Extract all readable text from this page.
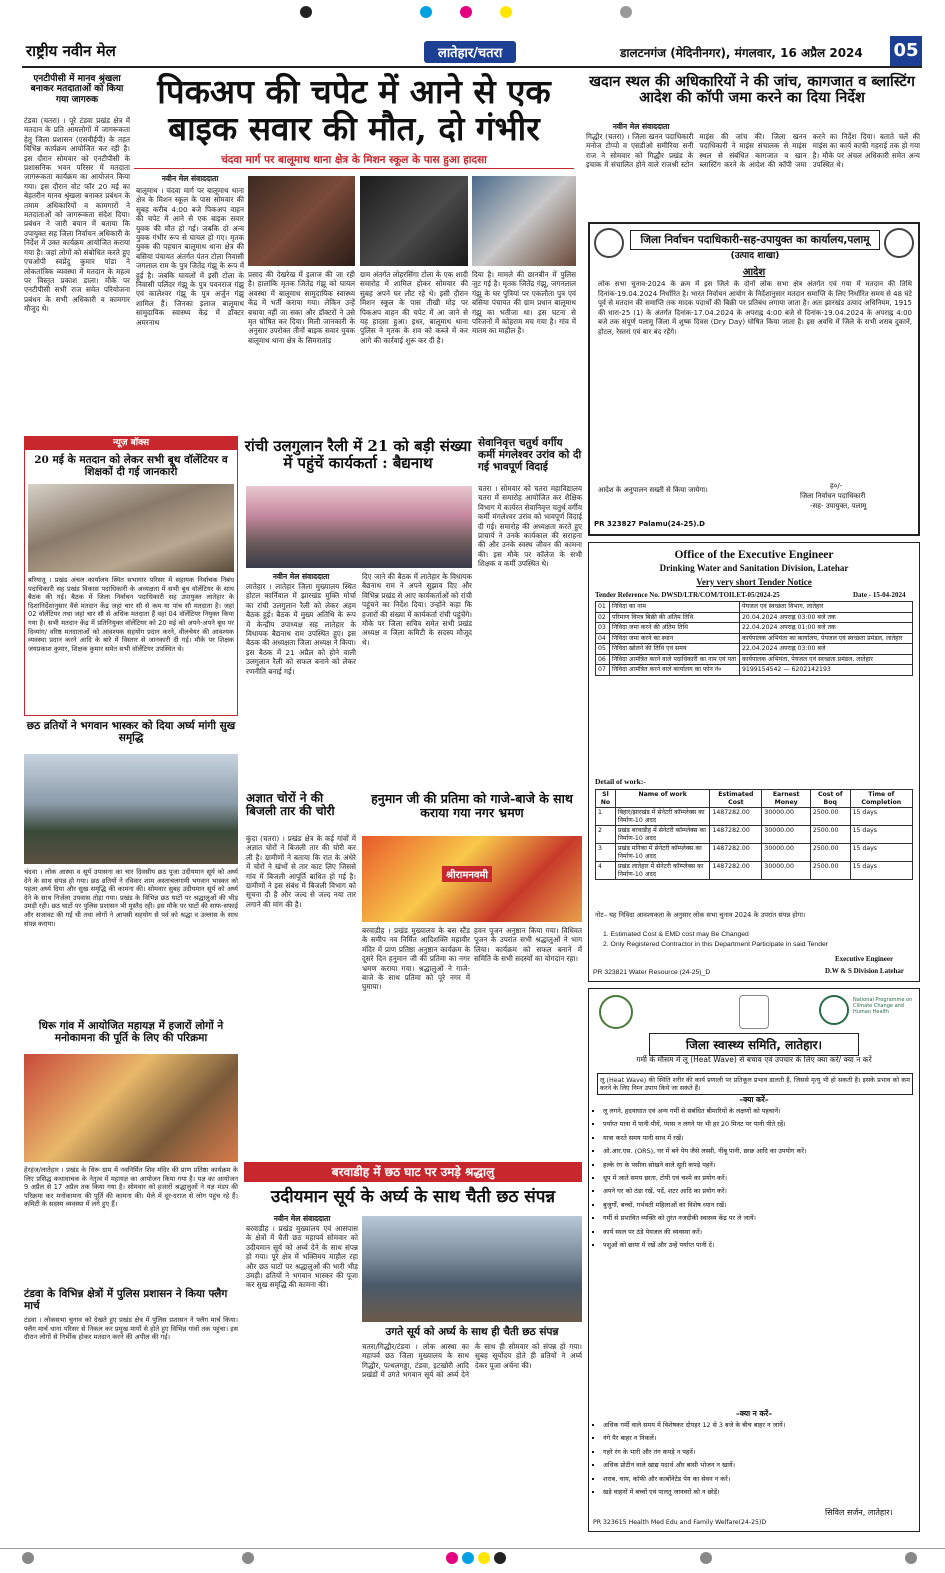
राष्ट्रीय नवीन मेल	लातेहार/चतरा	डालटनगंज (मेदिनीनगर), मंगलवार, 16 अप्रैल 2024 05
एनटीपीसी में मानव श्रृंखला बनाकर मतदाताओं को किया गया जागरुक
टंडवा (चतरा) । पूरे टंडवा प्रखंड क्षेत्र में मतदान के प्रति आमलोगों में जागरूकता हेतु जिला प्रशासन (एसवीईपी) के तहत विभिन्न कार्यक्रम आयोजित कर रही है। इस दौरान सोमवार को एनटीपीसी के प्रशासनिक भवन परिसर में मतदाता जागरूकता कार्यक्रम का आयोजन किया गया। इस दौरान वोट फॉर 20 मई का बेहतरीन मानव श्रृंखला बनाकर प्रबंधन के तमाम अधिकारियों व कामगारों ने मतदाताओं को जागरूकता संदेश दिया। प्रबंधन ने जारी बयान में बताया कि उपायुक्त सह जिला निर्वाचन अधिकारी के निर्देश में उक्त कार्यक्रम आयोजित कराया गया है। जहां लोगों को संबोधित करते हुए एचओपी स्वप्नेंदु कुमार पांडा ने लोकतांत्रिक व्यवस्था में मतदान के महत्व पर विस्तृत प्रकाश डाला। मौके पर एनटीपीसी सभी राज समेत परियोजना प्रबंधन के सभी अधिकारी व कामगार मौजूद थे।
पिकअप की चपेट में आने से एक बाइक सवार की मौत, दो गंभीर
चंदवा मार्ग पर बालूमाथ थाना क्षेत्र के मिशन स्कूल के पास हुआ हादसा
नवीन मेल संवाददाता
बालूमाथ । चंदवा मार्ग पर बालूमाथ थाना क्षेत्र के मिशन स्कूल के पास सोमवार की सुबह करीब 4:00 बजे पिकअप वाहन की चपेट में आने से एक बाइक सवार युवक की मौत हो गई। जबकि दो अन्य युवक गंभीर रूप से घायल हो गए। मृतक युवक की पहचान बालूमाथ थाना क्षेत्र की बसिया पंचायत अंतर्गत पंतन टोला निवासी जगलाल राम के पुत्र जितेंद्र गंझू के रूप में हुई है। जबकि घायलों में इसी टोला के निवासी पलिंदर गंझू के पुत्र पवनराज गंझू एवं कालेश्वर गंझू के पुत्र अर्जुन गंझू शामिल हैं। जिनका इलाज बालूमाथ सामुदायिक स्वास्थ्य केंद्र में डॉक्टर अमरनाथ
प्रसाद की देखरेख में इलाज की जा रही है। हालांकि मृतक जितेंद्र गंझू को घायल अवस्था में बालूमाथ सामुदायिक स्वास्थ्य केंद्र में भर्ती कराया गया। लेकिन उन्हें बचाया नहीं जा सका और डॉक्टरों ने उसे मृत घोषित कर दिया। मिली जानकारी के अनुसार उपरोक्त तीनों बाइक सवार युवक बालूमाथ थाना क्षेत्र के सिमरातांड़
ग्राम अंतर्गत लोहरसिंगा टोला के एक शादी समारोह में शामिल होकर सोमवार की सुबह अपने घर लौट रहे थे। इसी दौरान मिशन स्कूल के पास तीखी मोड़ पर पिकअप वाहन की चपेट में आ जाने से यह हादसा हुआ। इधर, बालूमाथ थाना पुलिस ने मृतक के शव को कब्जे में कर आगे की कार्रवाई शुरू कर दी है।
दिया है। मामले की छानबीन में पुलिस जुट गई है। मृतक जितेंद्र गंझू, जगनलाल गंझू के घर पुत्रियां पर एकलौता पुत्र एवं बसिया पंचायत की ग्राम प्रधान बालूमाथ गंझू का भतीजा था। इस घटना से परिजनों में कोहराम मच गया है। गांव में मातम का माहौल है।
खदान स्थल की अधिकारियों ने की जांच, कागजात व ब्लास्टिंग आदेश की कॉपी जमा करने का दिया निर्देश
नवीन मेल संवाददाता
गिद्धौर (चतरा) । जिला खनन पदाधिकारी मनोज टोप्पो व एसडीओ समीरिया सनी राज ने सोमवार को गिद्धौर प्रखंड के इचाक में संचालित होने वाले राजश्री स्टोन माइंस की जांच की। जिला खनन पदाधिकारी ने माइंस संचालक से माइंस स्थल से संबंधित कागजात व खान ब्लास्टिंग करने के आदेश की कॉपी जमा करने का निर्देश दिया। बताते चलें की माइंस का कार्य काफी गहराई तक हो गया है। मौके पर अंचल अधिकारी समेत अन्य उपस्थित थे।
जिला निर्वाचन पदाधिकारी-सह-उपायुक्त का कार्यालय,पलामू
(उत्पाद शाखा)
आदेश
लोक सभा चुनाव-2024 के क्रम में इस जिले के दोनों लोक सभा क्षेत्र अंतर्गत एवं गया में मतदान की तिथि दिनांक-19.04.2024 निर्धारित है। भारत निर्वाचन आयोग के निर्देशानुसार मतदान समाप्ति के लिए निर्धारित समय से 48 घंटे पूर्व से मतदान की समाप्ति तक मादक पदार्थों की बिक्री पर प्रतिबंध लगाया जाता है। अतः झारखंड उत्पाद अधिनियम, 1915 की धारा-25 (1) के अंतर्गत दिनांक-17.04.2024 के अपराह्न 4:00 बजे से दिनांक-19.04.2024 के अपराह्न 4:00 बजे तक संपूर्ण पलामू जिला में शुष्क दिवस (Dry Day) घोषित किया जाता है। इस अवधि में जिले के सभी शराब दुकानें, होटल, रेस्तरां एवं बार बंद रहेंगे।
आदेश के अनुपालन सख्ती से किया जायेगा।	ह०/-
जिला निर्वाचन पदाधिकारी
-सह- उपायुक्त, पलामू
PR 323827 Palamu(24-25).D
न्यूज़ बॉक्स
20 मई के मतदान को लेकर सभी बूथ वॉलेंटियर व शिक्षकों दी गई जानकारी
बरियातू । प्रखंड अंचल कार्यालय स्थित सभागार परिसर में सहायक निर्वाचक निबंध पदाधिकारी सह प्रखंड विकास पदाधिकारी के अध्यक्षता में सभी बूथ वॉलेंटियर के साथ बैठक की गई। बैठक में जिला निर्वाचन पदाधिकारी सह उपायुक्त लातेहार के दिशानिर्देशानुसार वैसे मतदान केंद्र जहां चार सौ से कम या पांच सौ मतदाता है। जहां 02 वॉलेंटियर तथा जहां चार सौ से अधिक मतदाता हैं वहां 04 वॉलेंटियर नियुक्त किया गया है। सभी मतदान केंद्र में प्रतिनियुक्त वॉलेंटियर को 20 मई को अपने-अपने बूथ पर दिव्यांग/ वरिष्ठ मतदाताओं को आवश्यक सहयोग प्रदान करने, वीलचेयर की आवश्यक व्यवस्था प्रदान करने आदि के बारे में विस्तार से जानकारी दी गई। मौके पर शिक्षक जयप्रकाश कुमार, शिक्षक कुमार समेत सभी वॉलेंटियर उपस्थित थे।
छठ व्रतियों ने भगवान भास्कर को दिया अर्घ्य मांगी सुख समृद्धि
चंदवा । लोक आस्था व सूर्य उपासना का चार दिवसीय छठ पूजा उदीयमान सूर्य को अर्घ्य देने के साथ संपन्न हो गया। छठ व्रतियों ने रविवार शाम अस्ताचलगामी भगवान भास्कर को पहला अर्घ्य दिया और सुख समृद्धि की कामना की। सोमवार सुबह उदीयमान सूर्य को अर्घ्य देने के साथ निर्जला उपवास तोड़ा गया। प्रखंड के विभिन्न छठ घाटों पर श्रद्धालुओं की भीड़ उमड़ी रही। छठ घाटों पर पुलिस प्रशासन भी मुस्तैद रही। इस मौके पर घाटों की साफ-सफाई और सजावट की गई थी तथा लोगों ने आपसी सहयोग से पर्व को श्रद्धा व उल्लास के साथ संपन्न कराया।
धिरू गांव में आयोजित महायज्ञ में हजारों लोगों ने मनोकामना की पूर्ति के लिए की परिक्रमा
हेरहंज/लातेहार । प्रखंड के धिरू ग्राम में नवनिर्मित शिव मंदिर की प्राण प्रतिष्ठा कार्यक्रम के लिए प्रसिद्ध कथावाचक के नेतृत्व में महायज्ञ का आयोजन किया गया है। यज्ञ का आयोजन 9 अप्रैल से 17 अप्रैल तक किया गया है। सोमवार को हजारों श्रद्धालुओं ने यज्ञ मंडप की परिक्रमा कर मनोकामना की पूर्ति की कामना की। मेले में दूर-दराज से लोग पहुंच रहे हैं। कमिटी के सदस्य व्यवस्था में लगे हुए हैं।
टंडवा के विभिन्न क्षेत्रों में पुलिस प्रशासन ने किया फ्लैग मार्च
टंडवा । लोकसभा चुनाव को देखते हुए प्रखंड क्षेत्र में पुलिस प्रशासन ने फ्लैग मार्च किया। फ्लैग मार्च थाना परिसर से निकल कर प्रमुख मार्गों से होते हुए विभिन्न गांवों तक पहुंचा। इस दौरान लोगों से निर्भीक होकर मतदान करने की अपील की गई।
रांची उलगुलान रैली में 21 को बड़ी संख्या में पहुंचें कार्यकर्ता : बैद्यनाथ
नवीन मेल संवाददाता
लातेहार । लातेहार जिला मुख्यालय स्थित होटल कार्निवाल में झारखंड मुक्ति मोर्चा का रांची उलगुलान रैली को लेकर अहम बैठक हुई। बैठक में मुख्य अतिथि के रूप में केन्द्रीय उपाध्यक्ष सह लातेहार के विधायक बैद्यनाथ राम उपस्थित हुए। इस बैठक की अध्यक्षता जिला अध्यक्ष ने किया। इस बैठक में 21 अप्रैल को होने वाली उलगुलान रैली को सफल बनाने को लेकर रणनीति बनाई गई।
दिए जाने की बैठक में लातेहार के विधायक बैद्यनाथ राम ने अपने सुझाव दिए और विभिन्न प्रखंड से आए कार्यकर्ताओं को रांची पहुंचने का निर्देश दिया। उन्होंने कहा कि हजारों की संख्या में कार्यकर्ता रांची पहुंचेंगे। मौके पर जिला सचिव समेत सभी प्रखंड अध्यक्ष व जिला कमिटी के सदस्य मौजूद थे।
सेवानिवृत्त चतुर्थ वर्गीय कर्मी मंगलेश्वर उरांव को दी गई भावपूर्ण विदाई
चतरा । सोमवार को चतरा महाविद्यालय चतरा में समारोह आयोजित कर शैक्षिक विभाग में कार्यरत सेवानिवृत्त चतुर्थ वर्गीय कर्मी मंगलेश्वर उरांव को भावपूर्ण विदाई दी गई। समारोह की अध्यक्षता करते हुए प्राचार्य ने उनके कार्यकाल की सराहना की और उनके स्वस्थ जीवन की कामना की। इस मौके पर कॉलेज के सभी शिक्षक व कर्मी उपस्थित थे।
अज्ञात चोरों ने की बिजली तार की चोरी
कुंदा (चतरा) । प्रखंड क्षेत्र के कई गांवों में अज्ञात चोरों ने बिजली तार की चोरी कर ली है। ग्रामीणों ने बताया कि रात के अंधेरे में चोरों ने खंभों से तार काट लिए जिससे गांव में बिजली आपूर्ति बाधित हो गई है। ग्रामीणों ने इस संबंध में बिजली विभाग को सूचना दी है और जल्द से जल्द नया तार लगाने की मांग की है।
हनुमान जी की प्रतिमा को गाजे-बाजे के साथ कराया गया नगर भ्रमण
श्रीरामनवमी
बरवाडीह । प्रखंड मुख्यालय के बस स्टैंड के समीप नव निर्मित आदिशक्ति महावीर मंदिर में प्राण प्रतिष्ठा अनुष्ठान कार्यक्रम के दूसरे दिन हनुमान जी की प्रतिमा का नगर भ्रमण कराया गया। श्रद्धालुओं ने गाजे-बाजे के साथ प्रतिमा को पूरे नगर में घुमाया।
हवन पूजन अनुष्ठान किया गया। विधिवत पूजन के उपरांत सभी श्रद्धालुओं ने भाग लिया। कार्यक्रम को सफल बनाने में समिति के सभी सदस्यों का योगदान रहा।
Office of the Executive Engineer
Drinking Water and Sanitation Division, Latehar
Very very short Tender Notice
Tender Reference No. DWSD/LTR/COM/TOILET-05/2024-25	Date - 15-04-2024
01	निविदा का नाम	पेयजल एवं स्वच्छता विभाग, लातेहार
02	परिमाण विपत्र बिक्री की अंतिम तिथि	20.04.2024 अपराह्न 03:00 बजे तक
03	निविदा जमा करने की अंतिम तिथि	22.04.2024 अपराह्न 01:00 बजे तक
04	निविदा जमा करने का स्थान	कार्यपालक अभियंता का कार्यालय, पेयजल एवं स्वच्छता प्रमंडल, लातेहार
05	निविदा खोलने की तिथि एवं समय	22.04.2024 अपराह्न 03:00 बजे
06	निविदा आमंत्रित करने वाले पदाधिकारी का नाम एवं पता	कार्यपालक अभियंता, पेयजल एवं स्वच्छता प्रमंडल, लातेहार
07	निविदा आमंत्रित करने वाले कार्यालय का फोन नं०	9199154542 — 6202142193
Detail of work:-
Sl No	Name of work	Estimated Cost	Earnest Money	Cost of Boq	Time of Completion
1	बिहार/झारखंड में सेनेटरी कॉम्प्लेक्स का निर्माण-10 अदद	1487282.00	30000.00	2500.00	15 days
2	प्रखंड बरवाडीह में सेनेटरी कॉम्प्लेक्स का निर्माण-10 अदद	1487282.00	30000.00	2500.00	15 days
3	प्रखंड मनिका में सेनेटरी कॉम्प्लेक्स का निर्माण-10 अदद	1487282.00	30000.00	2500.00	15 days
4	प्रखंड लातेहार में सेनेटरी कॉम्प्लेक्स का निर्माण-10 अदद	1487282.00	30000.00	2500.00	15 days
नोट– यह निविदा आवश्यकता के अनुसार लोक सभा चुनाव 2024 के उपरांत संपन्न होगा।
1. Estimated Cost & EMD cost may Be Changed
2. Only Registered Contractor in this Department Participate in said Tender
Executive Engineer
D.W & S Division Latehar
PR 323821 Water Resource (24-25)_D
बरवाडीह में छठ घाट पर उमड़े श्रद्धालु
उदीयमान सूर्य के अर्घ्य के साथ चैती छठ संपन्न
नवीन मेल संवाददाता
बरवाडीह । प्रखंड मुख्यालय एवं आसपास के क्षेत्रों में चैती छठ महापर्व सोमवार को उदीयमान सूर्य को अर्घ्य देने के साथ संपन्न हो गया। पूरे क्षेत्र में भक्तिमय माहौल रहा और छठ घाटों पर श्रद्धालुओं की भारी भीड़ उमड़ी। व्रतियों ने भगवान भास्कर की पूजा कर सुख समृद्धि की कामना की।
उगते सूर्य को अर्घ्य के साथ ही चैती छठ संपन्न
चतरा/गिद्धौर/टंडवा । लोक आस्था का महापर्व छठ जिला मुख्यालय के साथ गिद्धौर, पत्थलगड्डा, टंडवा, इटखोरी आदि प्रखंडों में उगते भगवान सूर्य को अर्घ्य देने के साथ ही सोमवार को संपन्न हो गया। सुबह सूर्योदय होते ही व्रतियों ने अर्घ्य देकर पूजा अर्चना की।
National Programme on Climate Change and Human Health
जिला स्वास्थ्य समिति, लातेहार।
गर्मी के मौसम में लू (Heat Wave) से बचाव एवं उपचार के लिए क्या करें/ क्या न करें
लू (Heat Wave) की स्थिति शरीर की कार्य प्रणाली पर प्रतिकूल प्रभाव डालती हैं, जिससे मृत्यु भी हो सकती है। इसके प्रभाव को कम करने के लिए निम्न उपाय किये जा सकते हैं।
–क्या करें–
▪ लू लगने, हृदयाघात एवं अन्य गर्मी से संबंधित बीमारियों के लक्षणों को पहचानें।
▪ पर्याप्त मात्रा में पानी पीयें, प्यास न लगने पर भी हर 20 मिनट पर पानी पीते रहें।
▪ यात्रा करते समय पानी साथ में रखें।
▪ ओ.आर.एस. (ORS), घर में बने पेय जैसे लस्सी, नींबू पानी, छाछ आदि का उपयोग करें।
▪ हल्के रंग के पसीना सोखने वाले सूती कपड़े पहनें।
▪ धूप में जाते समय छाता, टोपी एवं चश्मे का प्रयोग करें।
▪ अपने घर को ठंडा रखें, पर्दे, शटर आदि का प्रयोग करें।
▪ बुजुर्गों, बच्चों, गर्भवती महिलाओं का विशेष ध्यान रखें।
▪ गर्मी से प्रभावित व्यक्ति को तुरंत नजदीकी स्वास्थ्य केंद्र पर ले जायें।
▪ कार्य स्थल पर ठंडे पेयजल की व्यवस्था करें।
▪ पशुओं को छाया में रखें और उन्हें पर्याप्त पानी दें।
–क्या न करें–
▪ अधिक गर्मी वाले समय में विशेषकर दोपहर 12 से 3 बजे के बीच बाहर न जायें।
▪ नंगे पैर बाहर न निकलें।
▪ गहरे रंग के भारी और तंग कपड़े न पहनें।
▪ अधिक प्रोटीन वाले खाद्य पदार्थ और बासी भोजन न खायें।
▪ शराब, चाय, कॉफी और कार्बोनेटेड पेय का सेवन न करें।
▪ खड़े वाहनों में बच्चों एवं पालतू जानवरों को न छोड़ें।
सिविल सर्जन, लातेहार।
PR 323615 Health Med Edu and Family Welfare(24-25)D
